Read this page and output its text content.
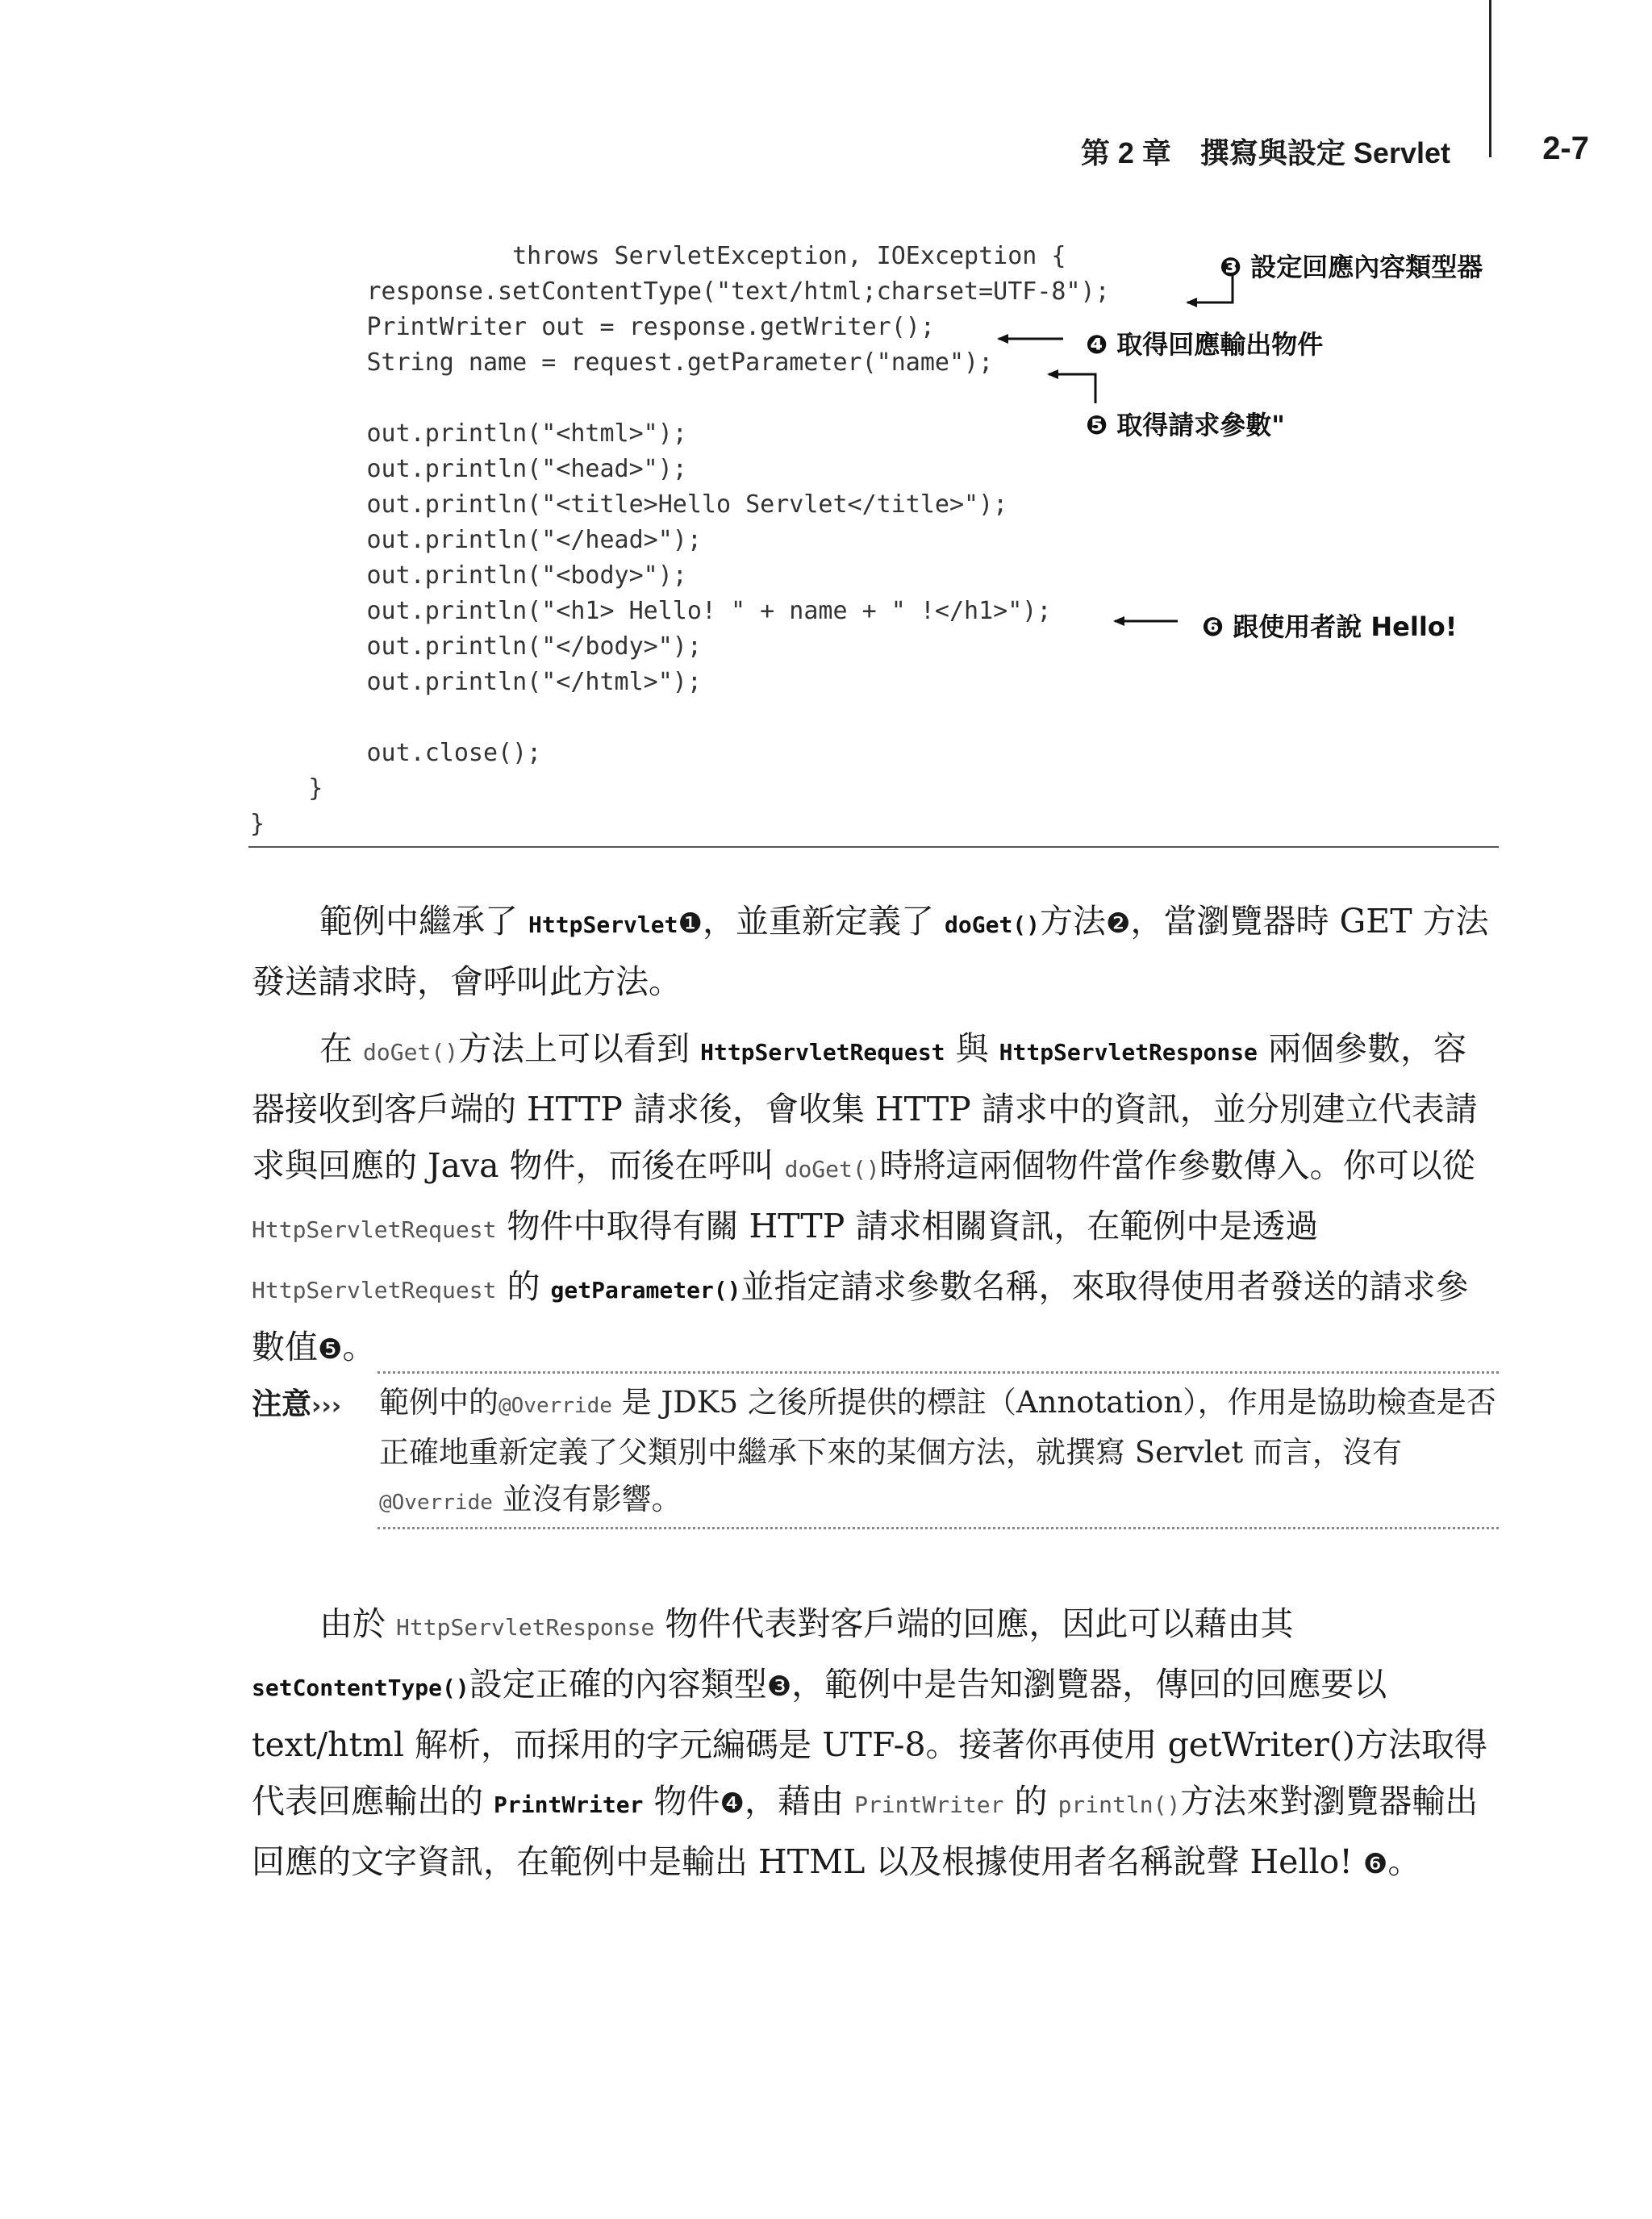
第 2 章　撰寫與設定 Servlet	2-7
throws ServletException, IOException {
response.setContentType("text/html;charset=UTF-8");
PrintWriter out = response.getWriter();
String name = request.getParameter("name");
out.println("<html>");
out.println("<head>");
out.println("<title>Hello Servlet</title>");
out.println("</head>");
out.println("<body>");
out.println("<h1> Hello! " + name + " !</h1>");
out.println("</body>");
out.println("</html>");
out.close();
}
}
❸ 設定回應內容類型器
❹ 取得回應輸出物件
❺ 取得請求參數"
❻ 跟使用者說 Hello!

範例中繼承了 HttpServlet❶，並重新定義了 doGet()方法❷，當瀏覽器時 GET 方法發送請求時，會呼叫此方法。

在 doGet()方法上可以看到 HttpServletRequest 與 HttpServletResponse 兩個參數，容器接收到客戶端的 HTTP 請求後，會收集 HTTP 請求中的資訊，並分別建立代表請求與回應的 Java 物件，而後在呼叫 doGet()時將這兩個物件當作參數傳入。你可以從 HttpServletRequest 物件中取得有關 HTTP 請求相關資訊，在範例中是透過 HttpServletRequest 的 getParameter()並指定請求參數名稱，來取得使用者發送的請求參數值❺。

注意››› 範例中的@Override 是 JDK5 之後所提供的標註（Annotation），作用是協助檢查是否正確地重新定義了父類別中繼承下來的某個方法，就撰寫 Servlet 而言，沒有@Override 並沒有影響。

由於 HttpServletResponse 物件代表對客戶端的回應，因此可以藉由其setContentType()設定正確的內容類型❸，範例中是告知瀏覽器，傳回的回應要以 text/html 解析，而採用的字元編碼是 UTF-8。接著你再使用 getWriter()方法取得代表回應輸出的 PrintWriter 物件❹，藉由 PrintWriter 的 println()方法來對瀏覽器輸出回應的文字資訊，在範例中是輸出 HTML 以及根據使用者名稱說聲 Hello! ❻。
